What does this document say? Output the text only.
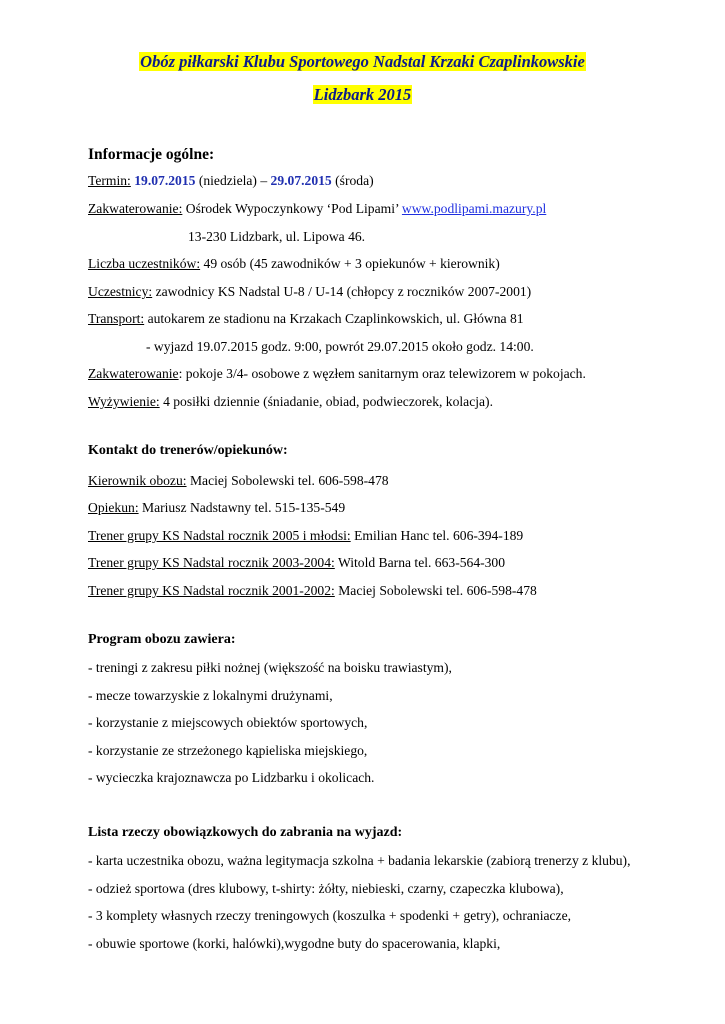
Obóz piłkarski Klubu Sportowego Nadstal Krzaki Czaplinkowskie
Lidzbark 2015
Informacje ogólne:
Termin: 19.07.2015 (niedziela) – 29.07.2015 (środa)
Zakwaterowanie: Ośrodek Wypoczynkowy ‘Pod Lipami’ www.podlipami.mazury.pl
13-230 Lidzbark, ul. Lipowa 46.
Liczba uczestników: 49 osób (45 zawodników + 3 opiekunów + kierownik)
Uczestnicy: zawodnicy KS Nadstal U-8 / U-14 (chłopcy z roczników 2007-2001)
Transport: autokarem ze stadionu na Krzakach Czaplinkowskich, ul. Główna 81
- wyjazd 19.07.2015 godz. 9:00, powrót 29.07.2015 około godz. 14:00.
Zakwaterowanie: pokoje 3/4- osobowe z węzłem sanitarnym oraz telewizorem w pokojach.
Wyżywienie: 4 posiłki dziennie (śniadanie, obiad, podwieczorek, kolacja).
Kontakt do trenerów/opiekunów:
Kierownik obozu: Maciej Sobolewski tel. 606-598-478
Opiekun: Mariusz Nadstawny tel. 515-135-549
Trener grupy KS Nadstal rocznik 2005 i młodsi: Emilian Hanc tel. 606-394-189
Trener grupy KS Nadstal rocznik 2003-2004: Witold Barna tel. 663-564-300
Trener grupy KS Nadstal rocznik 2001-2002: Maciej Sobolewski tel. 606-598-478
Program obozu zawiera:
- treningi z zakresu piłki nożnej (większość na boisku trawiastym),
- mecze towarzyskie z lokalnymi drużynami,
- korzystanie z miejscowych obiektów sportowych,
- korzystanie ze strzeżonego kąpieliska miejskiego,
- wycieczka krajoznawcza po Lidzbarku i okolicach.
Lista rzeczy obowiązkowych do zabrania na wyjazd:
- karta uczestnika obozu, ważna legitymacja szkolna + badania lekarskie (zabiorą trenerzy z klubu),
- odzież sportowa (dres klubowy, t-shirty: żółty, niebieski, czarny, czapeczka klubowa),
- 3 komplety własnych rzeczy treningowych (koszulka + spodenki + getry), ochraniacze,
- obuwie sportowe (korki, halówki),wygodne buty do spacerowania, klapki,
